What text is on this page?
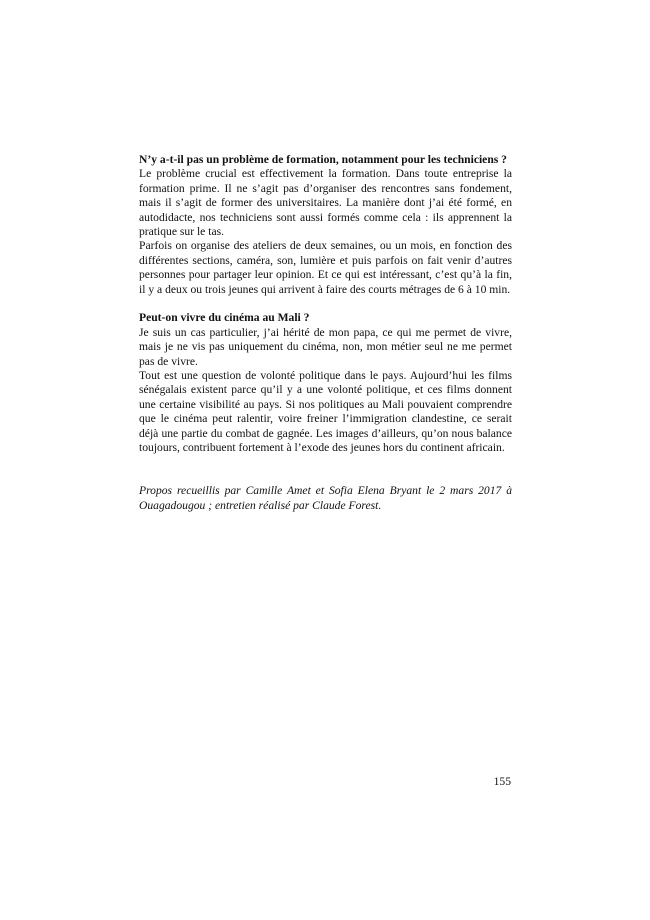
N’y a-t-il pas un problème de formation, notamment pour les techniciens ?

Le problème crucial est effectivement la formation. Dans toute entreprise la formation prime. Il ne s’agit pas d’organiser des rencontres sans fondement, mais il s’agit de former des universitaires. La manière dont j’ai été formé, en autodidacte, nos techniciens sont aussi formés comme cela : ils apprennent la pratique sur le tas.

Parfois on organise des ateliers de deux semaines, ou un mois, en fonction des différentes sections, caméra, son, lumière et puis parfois on fait venir d’autres personnes pour partager leur opinion. Et ce qui est intéressant, c’est qu’à la fin, il y a deux ou trois jeunes qui arrivent à faire des courts métrages de 6 à 10 min.

Peut-on vivre du cinéma au Mali ?

Je suis un cas particulier, j’ai hérité de mon papa, ce qui me permet de vivre, mais je ne vis pas uniquement du cinéma, non, mon métier seul ne me permet pas de vivre.

Tout est une question de volonté politique dans le pays. Aujourd’hui les films sénégalais existent parce qu’il y a une volonté politique, et ces films donnent une certaine visibilité au pays. Si nos politiques au Mali pouvaient comprendre que le cinéma peut ralentir, voire freiner l’immigration clandestine, ce serait déjà une partie du combat de gagnée. Les images d’ailleurs, qu’on nous balance toujours, contribuent fortement à l’exode des jeunes hors du continent africain.

Propos recueillis par Camille Amet et Sofia Elena Bryant le 2 mars 2017 à Ouagadougou ; entretien réalisé par Claude Forest.

155
